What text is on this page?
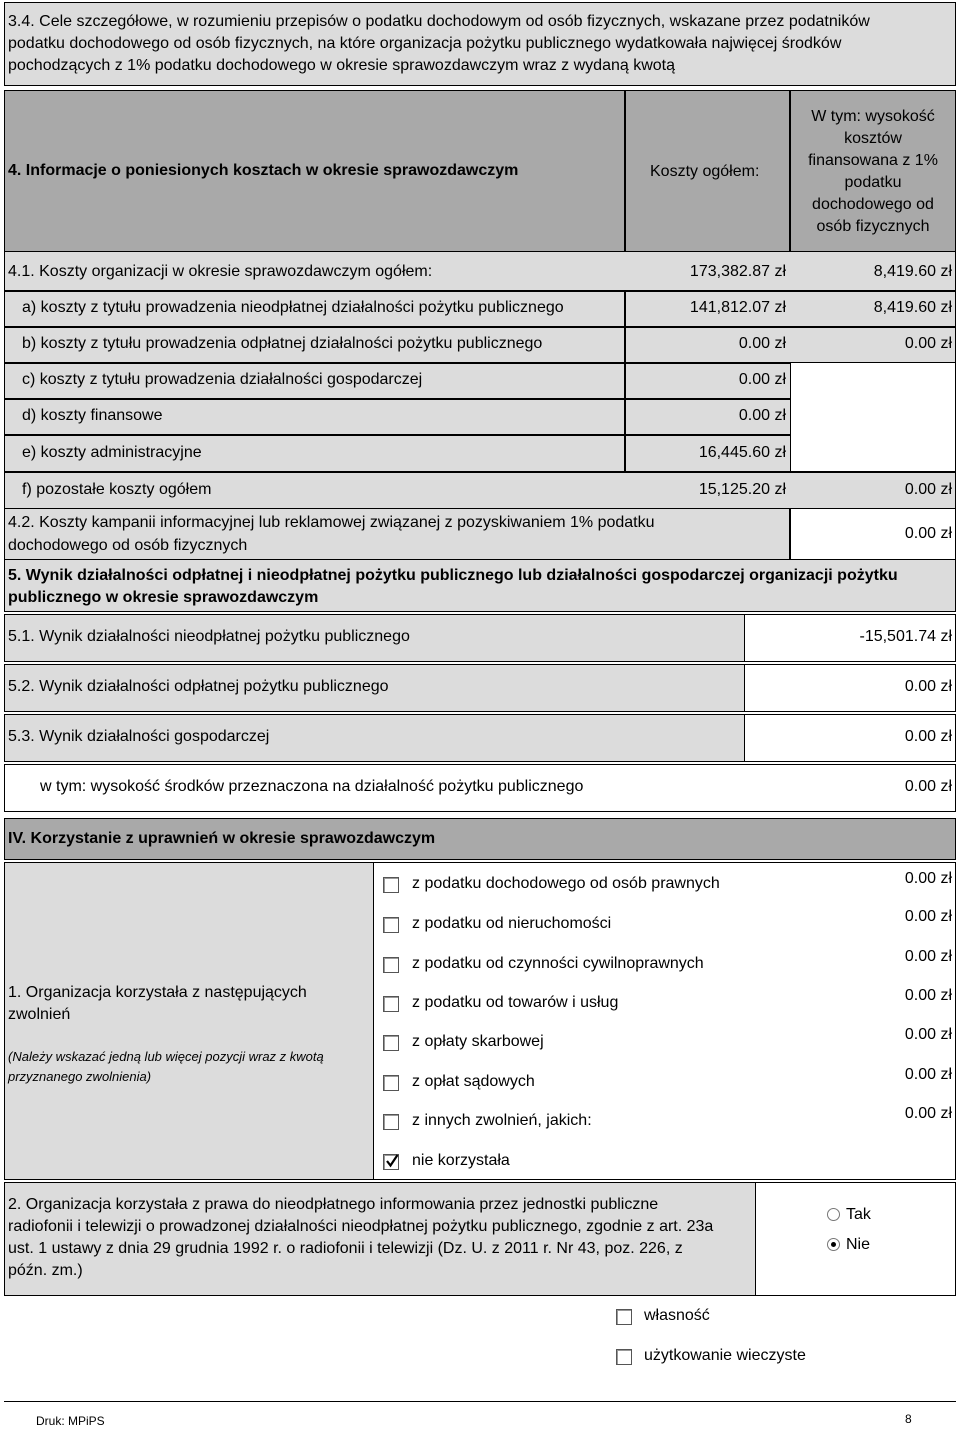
3.4. Cele szczegółowe, w rozumieniu przepisów o podatku dochodowym od osób fizycznych, wskazane przez podatników
podatku dochodowego od osób fizycznych, na które organizacja pożytku publicznego wydatkowała najwięcej środków
pochodzących z 1% podatku dochodowego w okresie sprawozdawczym wraz z wydaną kwotą
4. Informacje o poniesionych kosztach w okresie sprawozdawczym	Koszty ogółem:
W tym: wysokość
kosztów
finansowana z 1%
podatku
dochodowego od
osób fizycznych
4.1. Koszty organizacji w okresie sprawozdawczym ogółem:	173,382.87 zł	8,419.60 zł
a) koszty z tytułu prowadzenia nieodpłatnej działalności pożytku publicznego	141,812.07 zł	8,419.60 zł
b) koszty z tytułu prowadzenia odpłatnej działalności pożytku publicznego	0.00 zł	0.00 zł
c) koszty z tytułu prowadzenia działalności gospodarczej	0.00 zł
d) koszty finansowe	0.00 zł
e) koszty administracyjne	16,445.60 zł
f) pozostałe koszty ogółem	15,125.20 zł	0.00 zł
4.2. Koszty kampanii informacyjnej lub reklamowej związanej z pozyskiwaniem 1% podatku
dochodowego od osób fizycznych
0.00 zł
5. Wynik działalności odpłatnej i nieodpłatnej pożytku publicznego lub działalności gospodarczej organizacji pożytku
publicznego w okresie sprawozdawczym
5.1. Wynik działalności nieodpłatnej pożytku publicznego	-15,501.74 zł
5.2. Wynik działalności odpłatnej pożytku publicznego	0.00 zł
5.3. Wynik działalności gospodarczej	0.00 zł
w tym: wysokość środków przeznaczona na działalność pożytku publicznego	0.00 zł
IV. Korzystanie z uprawnień w okresie sprawozdawczym
1. Organizacja korzystała z następujących
zwolnień
(Należy wskazać jedną lub więcej pozycji wraz z kwotą
przyznanego zwolnienia)
z podatku dochodowego od osób prawnych	0.00 zł
z podatku od nieruchomości	0.00 zł
z podatku od czynności cywilnoprawnych	0.00 zł
z podatku od towarów i usług	0.00 zł
z opłaty skarbowej	0.00 zł
z opłat sądowych	0.00 zł
z innych zwolnień, jakich:	0.00 zł
nie korzystała
2. Organizacja korzystała z prawa do nieodpłatnego informowania przez jednostki publiczne
radiofonii i telewizji o prowadzonej działalności nieodpłatnej pożytku publicznego, zgodnie z art. 23a
ust. 1 ustawy z dnia 29 grudnia 1992 r. o radiofonii i telewizji (Dz. U. z 2011 r. Nr 43, poz. 226, z
późn. zm.)
Tak
Nie
własność
użytkowanie wieczyste
Druk: MPiPS	8
